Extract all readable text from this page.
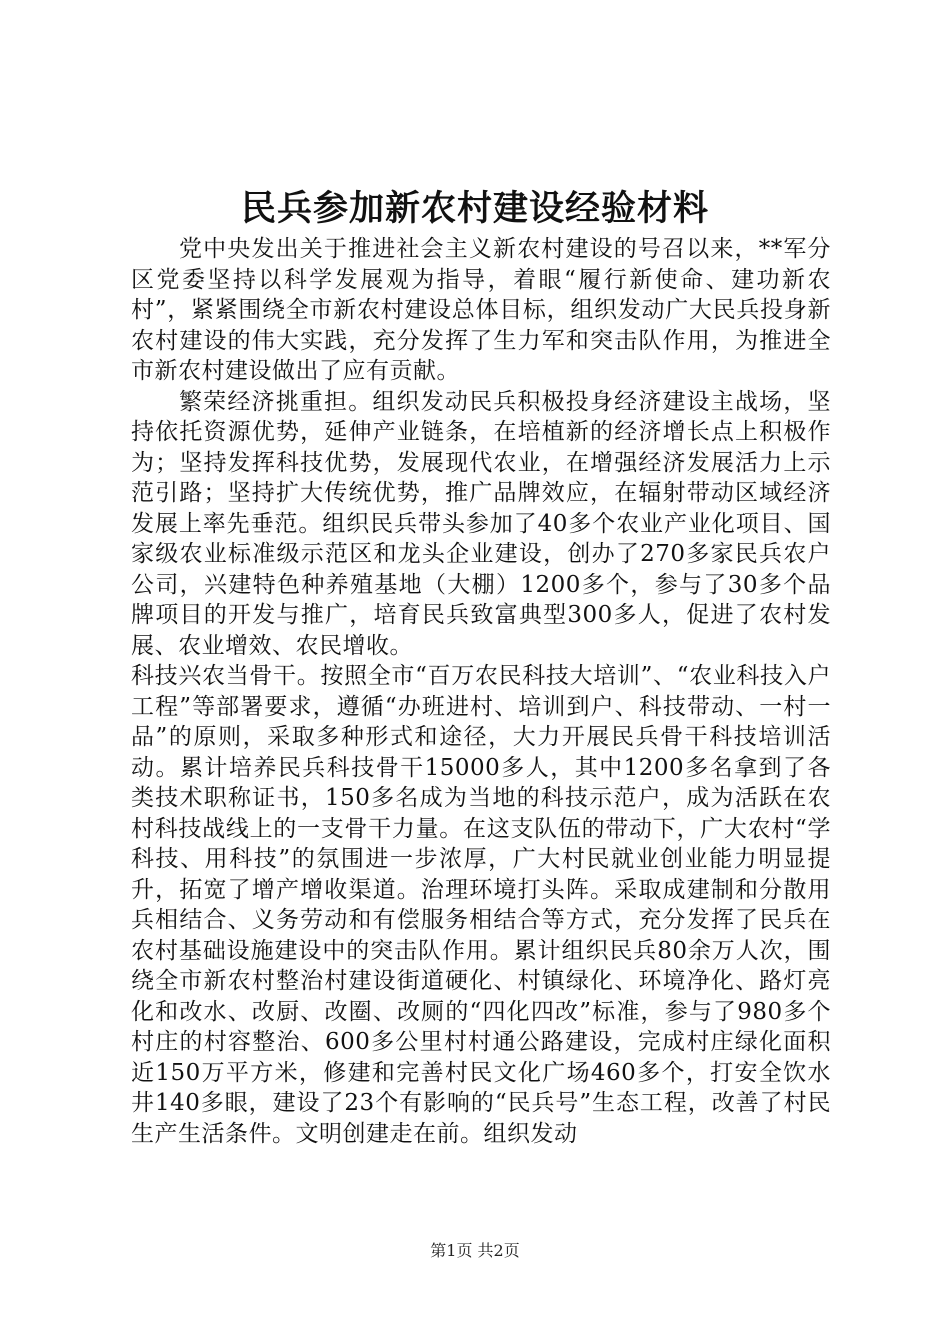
民兵参加新农村建设经验材料

党中央发出关于推进社会主义新农村建设的号召以来，**军分区党委坚持以科学发展观为指导，着眼“履行新使命、建功新农村”，紧紧围绕全市新农村建设总体目标，组织发动广大民兵投身新农村建设的伟大实践，充分发挥了生力军和突击队作用，为推进全市新农村建设做出了应有贡献。

繁荣经济挑重担。组织发动民兵积极投身经济建设主战场，坚持依托资源优势，延伸产业链条，在培植新的经济增长点上积极作为；坚持发挥科技优势，发展现代农业，在增强经济发展活力上示范引路；坚持扩大传统优势，推广品牌效应，在辐射带动区域经济发展上率先垂范。组织民兵带头参加了40多个农业产业化项目、国家级农业标准级示范区和龙头企业建设，创办了270多家民兵农户公司，兴建特色种养殖基地（大棚）1200多个，参与了30多个品牌项目的开发与推广，培育民兵致富典型300多人，促进了农村发展、农业增效、农民增收。

科技兴农当骨干。按照全市“百万农民科技大培训”、“农业科技入户工程”等部署要求，遵循“办班进村、培训到户、科技带动、一村一品”的原则，采取多种形式和途径，大力开展民兵骨干科技培训活动。累计培养民兵科技骨干15000多人，其中1200多名拿到了各类技术职称证书，150多名成为当地的科技示范户，成为活跃在农村科技战线上的一支骨干力量。在这支队伍的带动下，广大农村“学科技、用科技”的氛围进一步浓厚，广大村民就业创业能力明显提升，拓宽了增产增收渠道。治理环境打头阵。采取成建制和分散用兵相结合、义务劳动和有偿服务相结合等方式，充分发挥了民兵在农村基础设施建设中的突击队作用。累计组织民兵80余万人次，围绕全市新农村整治村建设街道硬化、村镇绿化、环境净化、路灯亮化和改水、改厨、改圈、改厕的“四化四改”标准，参与了980多个村庄的村容整治、600多公里村村通公路建设，完成村庄绿化面积近150万平方米，修建和完善村民文化广场460多个，打安全饮水井140多眼，建设了23个有影响的“民兵号”生态工程，改善了村民生产生活条件。文明创建走在前。组织发动

第1页 共2页
